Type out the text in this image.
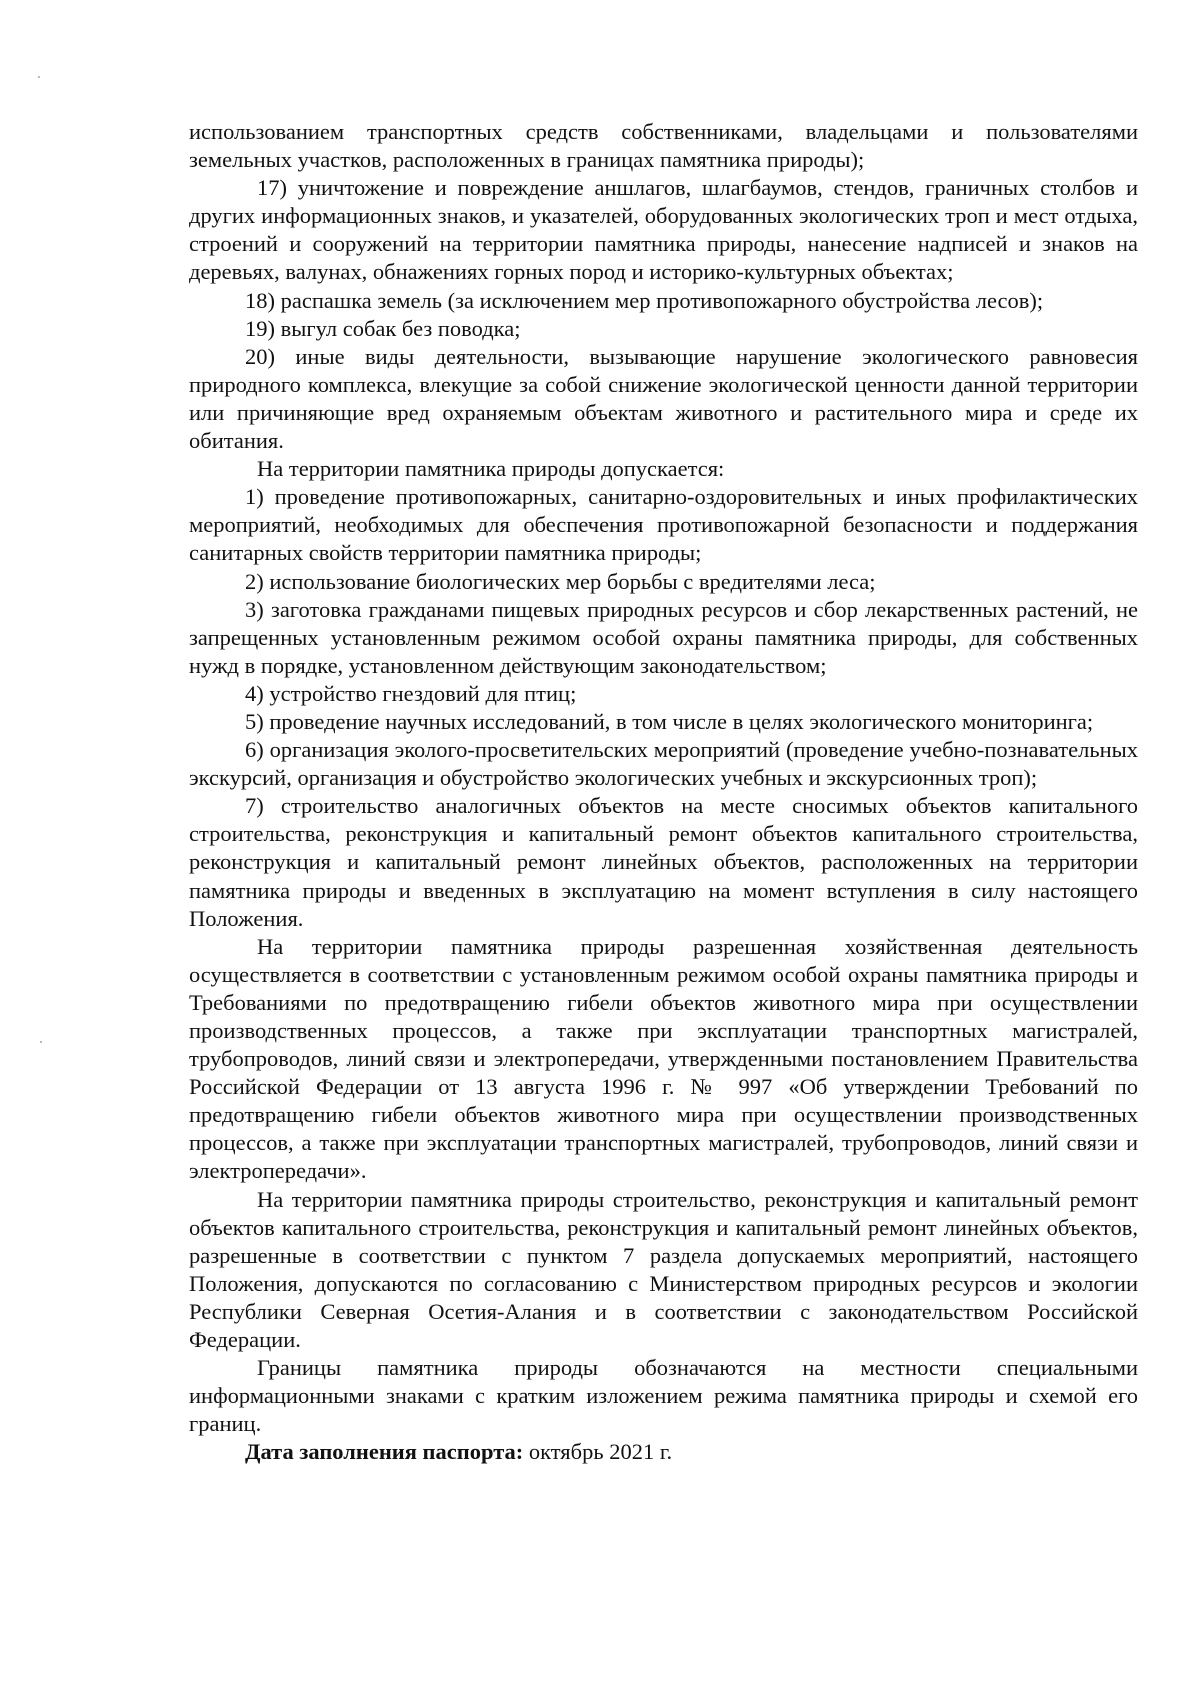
использованием транспортных средств собственниками, владельцами и пользователями земельных участков, расположенных в границах памятника природы);

17) уничтожение и повреждение аншлагов, шлагбаумов, стендов, граничных столбов и других информационных знаков, и указателей, оборудованных экологических троп и мест отдыха, строений и сооружений на территории памятника природы, нанесение надписей и знаков на деревьях, валунах, обнажениях горных пород и историко-культурных объектах;

18) распашка земель (за исключением мер противопожарного обустройства лесов);

19) выгул собак без поводка;

20) иные виды деятельности, вызывающие нарушение экологического равновесия природного комплекса, влекущие за собой снижение экологической ценности данной территории или причиняющие вред охраняемым объектам животного и растительного мира и среде их обитания.

На территории памятника природы допускается:

1) проведение противопожарных, санитарно-оздоровительных и иных профилактических мероприятий, необходимых для обеспечения противопожарной безопасности и поддержания санитарных свойств территории памятника природы;

2) использование биологических мер борьбы с вредителями леса;

3) заготовка гражданами пищевых природных ресурсов и сбор лекарственных растений, не запрещенных установленным режимом особой охраны памятника природы, для собственных нужд в порядке, установленном действующим законодательством;

4) устройство гнездовий для птиц;

5) проведение научных исследований, в том числе в целях экологического мониторинга;

6) организация эколого-просветительских мероприятий (проведение учебно-познавательных экскурсий, организация и обустройство экологических учебных и экскурсионных троп);

7) строительство аналогичных объектов на месте сносимых объектов капитального строительства, реконструкция и капитальный ремонт объектов капитального строительства, реконструкция и капитальный ремонт линейных объектов, расположенных на территории памятника природы и введенных в эксплуатацию на момент вступления в силу настоящего Положения.

На территории памятника природы разрешенная хозяйственная деятельность осуществляется в соответствии с установленным режимом особой охраны памятника природы и Требованиями по предотвращению гибели объектов животного мира при осуществлении производственных процессов, а также при эксплуатации транспортных магистралей, трубопроводов, линий связи и электропередачи, утвержденными постановлением Правительства Российской Федерации от 13 августа 1996 г. № 997 «Об утверждении Требований по предотвращению гибели объектов животного мира при осуществлении производственных процессов, а также при эксплуатации транспортных магистралей, трубопроводов, линий связи и электропередачи».

На территории памятника природы строительство, реконструкция и капитальный ремонт объектов капитального строительства, реконструкция и капитальный ремонт линейных объектов, разрешенные в соответствии с пунктом 7 раздела допускаемых мероприятий, настоящего Положения, допускаются по согласованию с Министерством природных ресурсов и экологии Республики Северная Осетия-Алания и в соответствии с законодательством Российской Федерации.

Границы памятника природы обозначаются на местности специальными информационными знаками с кратким изложением режима памятника природы и схемой его границ.

Дата заполнения паспорта: октябрь 2021 г.
